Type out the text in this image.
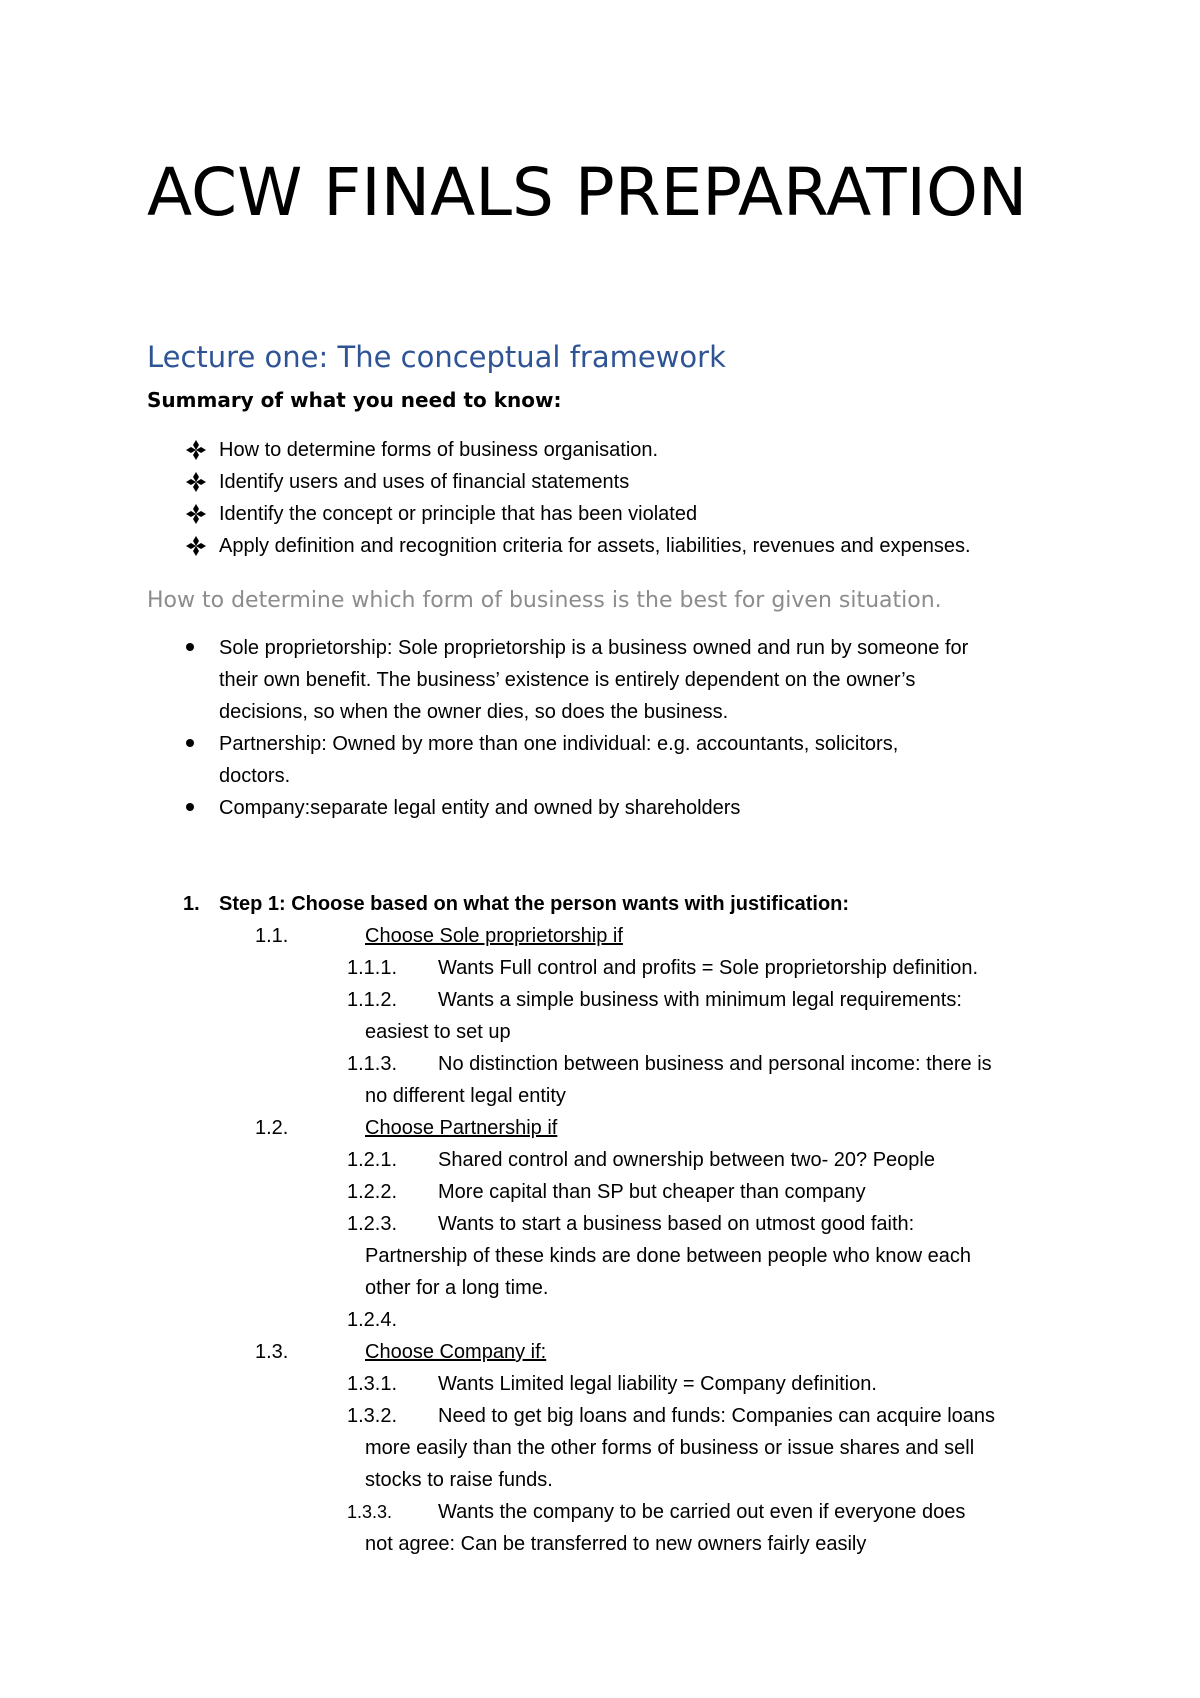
ACW FINALS PREPARATION
Lecture one: The conceptual framework
Summary of what you need to know:
How to determine forms of business organisation.
Identify users and uses of financial statements
Identify the concept or principle that has been violated
Apply definition and recognition criteria for assets, liabilities, revenues and expenses.
How to determine which form of business is the best for given situation.
Sole proprietorship: Sole proprietorship is a business owned and run by someone for
their own benefit. The business’ existence is entirely dependent on the owner’s
decisions, so when the owner dies, so does the business.
Partnership: Owned by more than one individual: e.g. accountants, solicitors,
doctors.
Company:separate legal entity and owned by shareholders
1. Step 1: Choose based on what the person wants with justification:
1.1.	Choose Sole proprietorship if
1.1.1. Wants Full control and profits = Sole proprietorship definition.
1.1.2. Wants a simple business with minimum legal requirements:
easiest to set up
1.1.3. No distinction between business and personal income: there is
no different legal entity
1.2.	Choose Partnership if
1.2.1. Shared control and ownership between two- 20? People
1.2.2. More capital than SP but cheaper than company
1.2.3. Wants to start a business based on utmost good faith:
Partnership of these kinds are done between people who know each
other for a long time.
1.2.4.
1.3.	Choose Company if:
1.3.1. Wants Limited legal liability = Company definition.
1.3.2. Need to get big loans and funds: Companies can acquire loans
more easily than the other forms of business or issue shares and sell
stocks to raise funds.
1.3.3. Wants the company to be carried out even if everyone does
not agree: Can be transferred to new owners fairly easily
